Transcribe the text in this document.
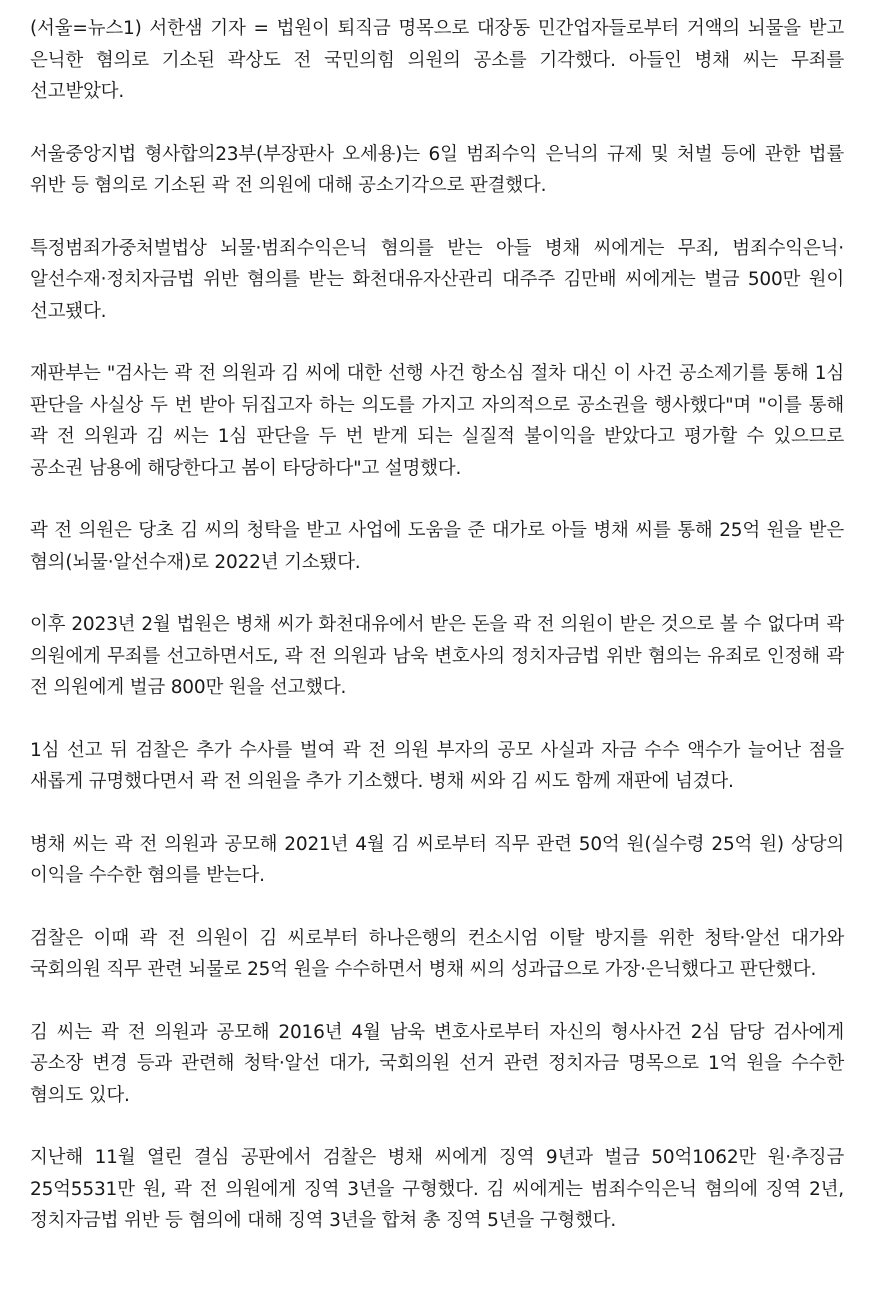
(서울=뉴스1) 서한샘 기자 = 법원이 퇴직금 명목으로 대장동 민간업자들로부터 거액의 뇌물을 받고 은닉한 혐의로 기소된 곽상도 전 국민의힘 의원의 공소를 기각했다. 아들인 병채 씨는 무죄를 선고받았다.

서울중앙지법 형사합의23부(부장판사 오세용)는 6일 범죄수익 은닉의 규제 및 처벌 등에 관한 법률 위반 등 혐의로 기소된 곽 전 의원에 대해 공소기각으로 판결했다.

특정범죄가중처벌법상 뇌물·범죄수익은닉 혐의를 받는 아들 병채 씨에게는 무죄, 범죄수익은닉·알선수재·정치자금법 위반 혐의를 받는 화천대유자산관리 대주주 김만배 씨에게는 벌금 500만 원이 선고됐다.

재판부는 "검사는 곽 전 의원과 김 씨에 대한 선행 사건 항소심 절차 대신 이 사건 공소제기를 통해 1심 판단을 사실상 두 번 받아 뒤집고자 하는 의도를 가지고 자의적으로 공소권을 행사했다"며 "이를 통해 곽 전 의원과 김 씨는 1심 판단을 두 번 받게 되는 실질적 불이익을 받았다고 평가할 수 있으므로 공소권 남용에 해당한다고 봄이 타당하다"고 설명했다.

곽 전 의원은 당초 김 씨의 청탁을 받고 사업에 도움을 준 대가로 아들 병채 씨를 통해 25억 원을 받은 혐의(뇌물·알선수재)로 2022년 기소됐다.

이후 2023년 2월 법원은 병채 씨가 화천대유에서 받은 돈을 곽 전 의원이 받은 것으로 볼 수 없다며 곽 의원에게 무죄를 선고하면서도, 곽 전 의원과 남욱 변호사의 정치자금법 위반 혐의는 유죄로 인정해 곽 전 의원에게 벌금 800만 원을 선고했다.

1심 선고 뒤 검찰은 추가 수사를 벌여 곽 전 의원 부자의 공모 사실과 자금 수수 액수가 늘어난 점을 새롭게 규명했다면서 곽 전 의원을 추가 기소했다. 병채 씨와 김 씨도 함께 재판에 넘겼다.

병채 씨는 곽 전 의원과 공모해 2021년 4월 김 씨로부터 직무 관련 50억 원(실수령 25억 원) 상당의 이익을 수수한 혐의를 받는다.

검찰은 이때 곽 전 의원이 김 씨로부터 하나은행의 컨소시엄 이탈 방지를 위한 청탁·알선 대가와 국회의원 직무 관련 뇌물로 25억 원을 수수하면서 병채 씨의 성과급으로 가장·은닉했다고 판단했다.

김 씨는 곽 전 의원과 공모해 2016년 4월 남욱 변호사로부터 자신의 형사사건 2심 담당 검사에게 공소장 변경 등과 관련해 청탁·알선 대가, 국회의원 선거 관련 정치자금 명목으로 1억 원을 수수한 혐의도 있다.

지난해 11월 열린 결심 공판에서 검찰은 병채 씨에게 징역 9년과 벌금 50억1062만 원·추징금 25억5531만 원, 곽 전 의원에게 징역 3년을 구형했다. 김 씨에게는 범죄수익은닉 혐의에 징역 2년, 정치자금법 위반 등 혐의에 대해 징역 3년을 합쳐 총 징역 5년을 구형했다.
